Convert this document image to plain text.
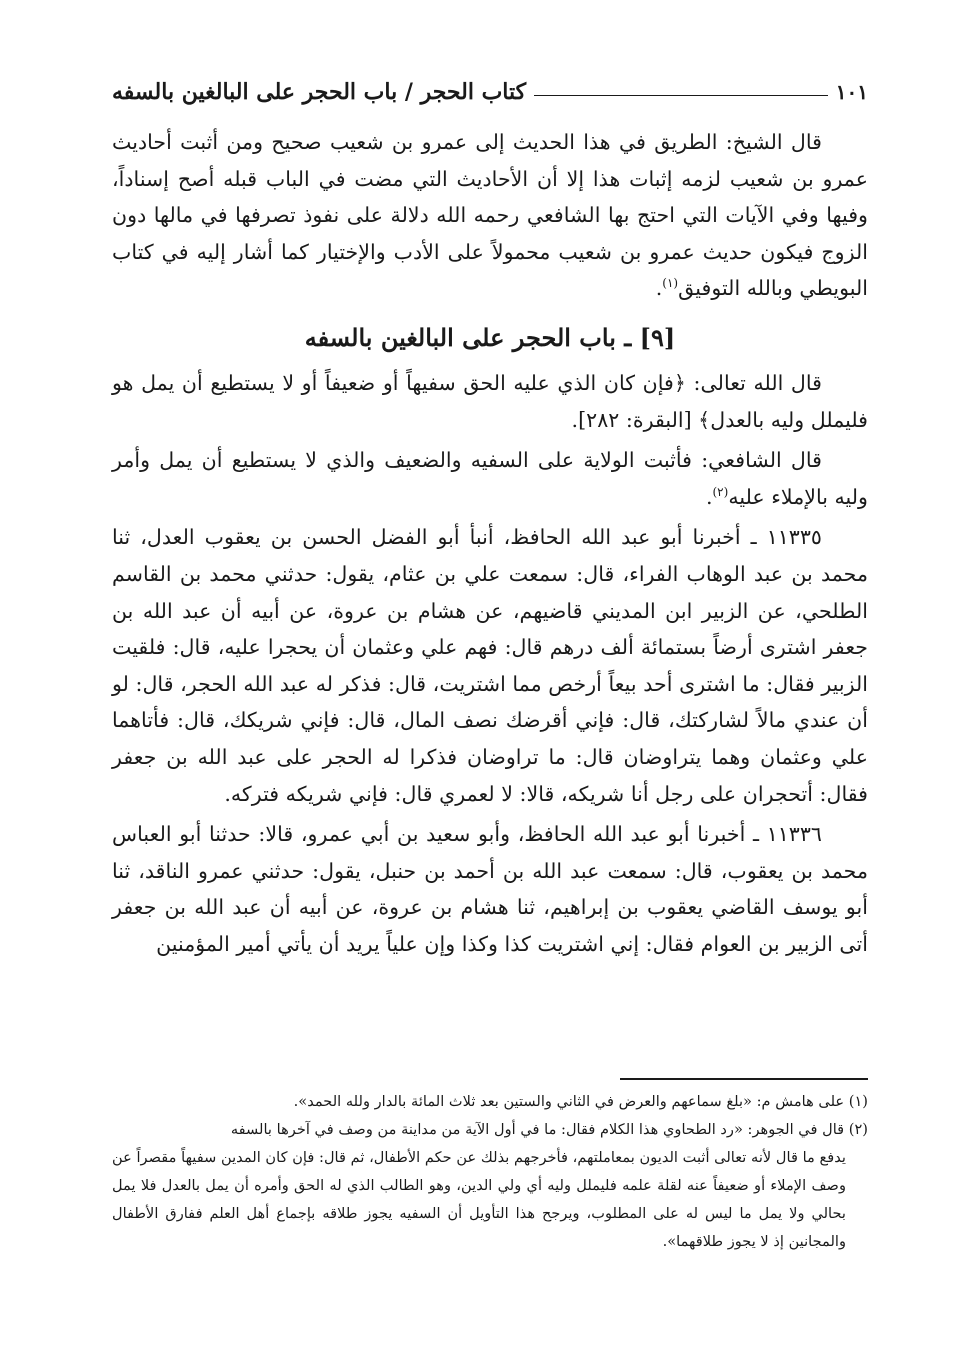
كتاب الحجر / باب الحجر على البالغين بالسفه	١٠١

قال الشيخ: الطريق في هذا الحديث إلى عمرو بن شعيب صحيح ومن أثبت أحاديث عمرو بن شعيب لزمه إثبات هذا إلا أن الأحاديث التي مضت في الباب قبله أصح إسناداً، وفيها وفي الآيات التي احتج بها الشافعي رحمه الله دلالة على نفوذ تصرفها في مالها دون الزوج فيكون حديث عمرو بن شعيب محمولاً على الأدب والإختيار كما أشار إليه في كتاب البويطي وبالله التوفيق$^{(١)}$.

[٩] ـ باب الحجر على البالغين بالسفه

قال الله تعالى: ﴿فإن كان الذي عليه الحق سفيهاً أو ضعيفاً أو لا يستطيع أن يمل هو فليملل وليه بالعدل﴾ [البقرة: ٢٨٢].

قال الشافعي: فأثبت الولاية على السفيه والضعيف والذي لا يستطيع أن يمل وأمر وليه بالإملاء عليه$^{(٢)}$.

١١٣٣٥ ـ أخبرنا أبو عبد الله الحافظ، أنبأ أبو الفضل الحسن بن يعقوب العدل، ثنا محمد بن عبد الوهاب الفراء، قال: سمعت علي بن عثام، يقول: حدثني محمد بن القاسم الطلحي، عن الزبير ابن المديني قاضيهم، عن هشام بن عروة، عن أبيه أن عبد الله بن جعفر اشترى أرضاً بستمائة ألف درهم قال: فهم علي وعثمان أن يحجرا عليه، قال: فلقيت الزبير فقال: ما اشترى أحد بيعاً أرخص مما اشتريت، قال: فذكر له عبد الله الحجر، قال: لو أن عندي مالاً لشاركتك، قال: فإني أقرضك نصف المال، قال: فإني شريكك، قال: فأتاهما علي وعثمان وهما يتراوضان قال: ما تراوضان فذكرا له الحجر على عبد الله بن جعفر فقال: أتحجران على رجل أنا شريكه، قالا: لا لعمري قال: فإني شريكه فتركه.

١١٣٣٦ ـ أخبرنا أبو عبد الله الحافظ، وأبو سعيد بن أبي عمرو، قالا: حدثنا أبو العباس محمد بن يعقوب، قال: سمعت عبد الله بن أحمد بن حنبل، يقول: حدثني عمرو الناقد، ثنا أبو يوسف القاضي يعقوب بن إبراهيم، ثنا هشام بن عروة، عن أبيه أن عبد الله بن جعفر أتى الزبير بن العوام فقال: إني اشتريت كذا وكذا وإن علياً يريد أن يأتي أمير المؤمنين

(١) على هامش م: «بلغ سماعهم والعرض في الثاني والستين بعد ثلاث المائة بالدار ولله الحمد».

(٢) قال في الجوهر: «رد الطحاوي هذا الكلام فقال: ما في أول الآية من مداينة من وصف في آخرها بالسفه

يدفع ما قال لأنه تعالى أثبت الديون بمعاملتهم، فأخرجهم بذلك عن حكم الأطفال، ثم قال: فإن كان المدين سفيهاً مقصراً عن وصف الإملاء أو ضعيفاً عنه لقلة علمه فليملل وليه أي ولي الدين، وهو الطالب الذي له الحق وأمره أن يمل بالعدل فلا يمل بحالي ولا يمل ما ليس له على المطلوب، ويرجح هذا التأويل أن السفيه يجوز طلاقه بإجماع أهل العلم ففارق الأطفال والمجانين إذ لا يجوز طلاقهما».
